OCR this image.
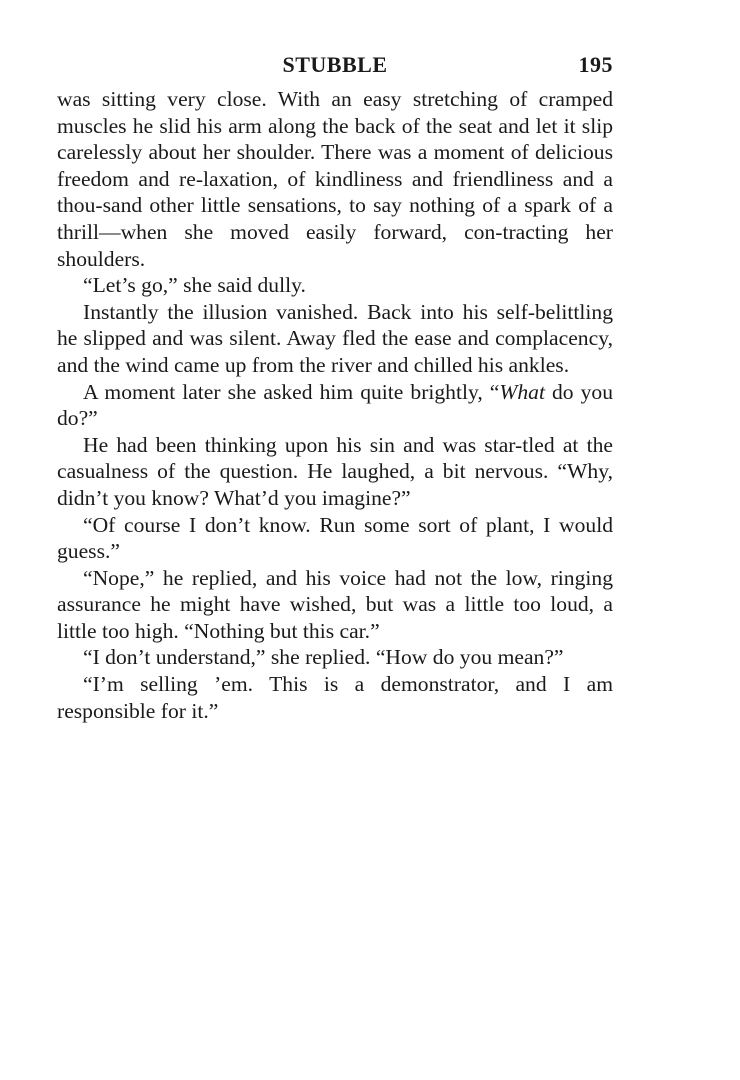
STUBBLE	195

was sitting very close. With an easy stretching of cramped muscles he slid his arm along the back of the seat and let it slip carelessly about her shoulder. There was a moment of delicious freedom and re-laxation, of kindliness and friendliness and a thou-sand other little sensations, to say nothing of a spark of a thrill—when she moved easily forward, con-tracting her shoulders.

“Let’s go,” she said dully.

Instantly the illusion vanished. Back into his self-belittling he slipped and was silent. Away fled the ease and complacency, and the wind came up from the river and chilled his ankles.

A moment later she asked him quite brightly, “What do you do?”

He had been thinking upon his sin and was star-tled at the casualness of the question. He laughed, a bit nervous. “Why, didn’t you know? What’d you imagine?”

“Of course I don’t know. Run some sort of plant, I would guess.”

“Nope,” he replied, and his voice had not the low, ringing assurance he might have wished, but was a little too loud, a little too high. “Nothing but this car.”

“I don’t understand,” she replied. “How do you mean?”

“I’m selling ’em. This is a demonstrator, and I am responsible for it.”
